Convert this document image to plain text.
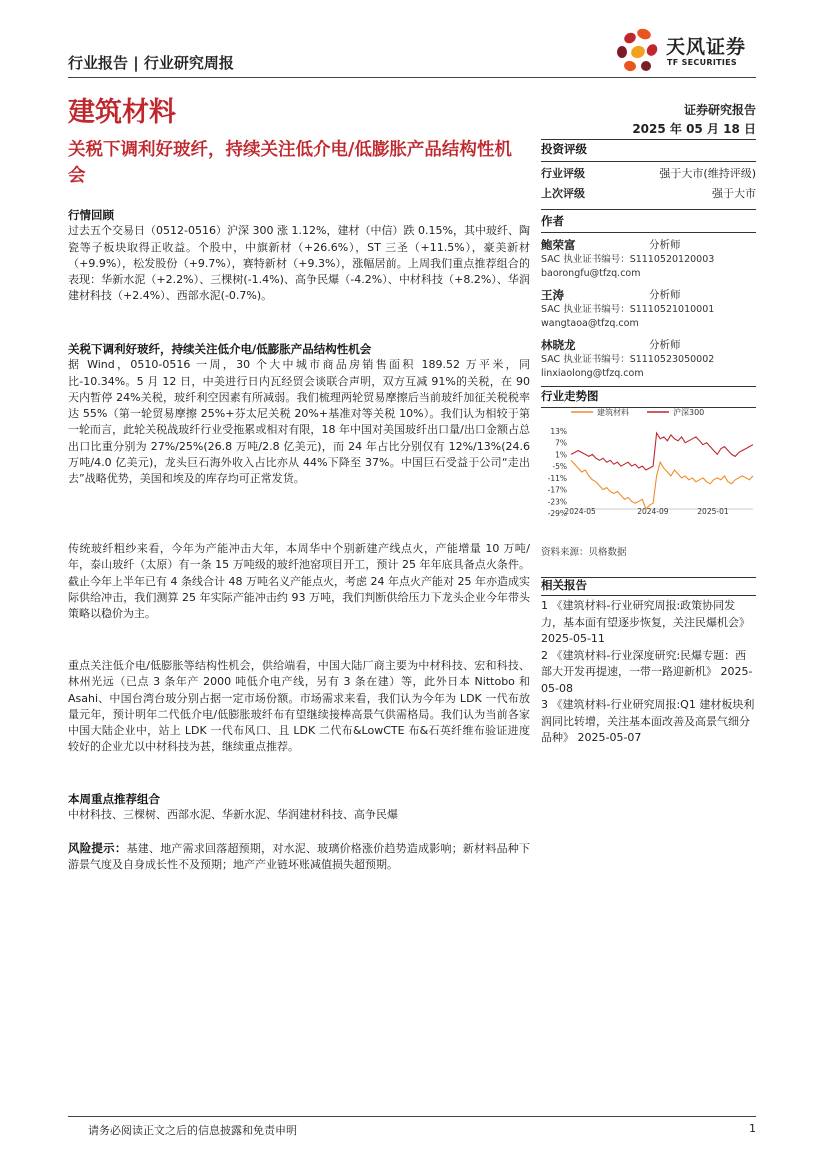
行业报告 | 行业研究周报
建筑材料
天风证券
TF SECURITIES
证券研究报告
2025 年 05 月 18 日
关税下调利好玻纤，持续关注低介电/低膨胀产品结构性机会
行情回顾
过去五个交易日（0512-0516）沪深 300 涨 1.12%，建材（中信）跌 0.15%，其中玻纤、陶瓷等子板块取得正收益。个股中，中旗新材（+26.6%），ST 三圣（+11.5%），豪美新材（+9.9%），松发股份（+9.7%），赛特新材（+9.3%），涨幅居前。上周我们重点推荐组合的表现：华新水泥（+2.2%）、三棵树(-1.4%)、高争民爆（-4.2%）、中材科技（+8.2%）、华润建材科技（+2.4%）、西部水泥(-0.7%)。
关税下调利好玻纤，持续关注低介电/低膨胀产品结构性机会
据 Wind，0510-0516 一周，30 个大中城市商品房销售面积 189.52 万平米，同比-10.34%。5 月 12 日，中美进行日内瓦经贸会谈联合声明，双方互减 91%的关税，在 90 天内暂停 24%关税，玻纤利空因素有所减弱。我们梳理两轮贸易摩擦后当前玻纤加征关税税率达 55%（第一轮贸易摩擦 25%+芬太尼关税 20%+基准对等关税 10%）。我们认为相较于第一轮而言，此轮关税战玻纤行业受拖累或相对有限，18 年中国对美国玻纤出口量/出口金额占总出口比重分别为 27%/25%(26.8 万吨/2.8 亿美元)，而 24 年占比分别仅有 12%/13%(24.6 万吨/4.0 亿美元)，龙头巨石海外收入占比亦从 44%下降至 37%。中国巨石受益于公司“走出去”战略优势，美国和埃及的库存均可正常发货。
传统玻纤粗纱来看，今年为产能冲击大年，本周华中个别新建产线点火，产能增量 10 万吨/年，泰山玻纤（太原）有一条 15 万吨级的玻纤池窑项目开工，预计 25 年年底具备点火条件。截止今年上半年已有 4 条线合计 48 万吨名义产能点火，考虑 24 年点火产能对 25 年亦造成实际供给冲击，我们测算 25 年实际产能冲击约 93 万吨，我们判断供给压力下龙头企业今年带头策略以稳价为主。
重点关注低介电/低膨胀等结构性机会，供给端看，中国大陆厂商主要为中材科技、宏和科技、林州光远（已点 3 条年产 2000 吨低介电产线，另有 3 条在建）等，此外日本 Nittobo 和 Asahi、中国台湾台玻分别占据一定市场份额。市场需求来看，我们认为今年为 LDK 一代布放量元年，预计明年二代低介电/低膨胀玻纤布有望继续接棒高景气供需格局。我们认为当前各家中国大陆企业中，站上 LDK 一代布风口、且 LDK 二代布&LowCTE 布&石英纤维布验证进度较好的企业尤以中材科技为甚，继续重点推荐。
本周重点推荐组合
中材科技、三棵树、西部水泥、华新水泥、华润建材科技、高争民爆
风险提示：基建、地产需求回落超预期，对水泥、玻璃价格涨价趋势造成影响；新材料品种下游景气度及自身成长性不及预期；地产产业链坏账减值损失超预期。
投资评级
行业评级	强于大市(维持评级)
上次评级	强于大市
作者
鲍荣富	分析师
SAC 执业证书编号：S1110520120003
baorongfu@tfzq.com
王涛	分析师
SAC 执业证书编号：S1110521010001
wangtaoa@tfzq.com
林晓龙	分析师
SAC 执业证书编号：S1110523050002
linxiaolong@tfzq.com
行业走势图
建筑材料	沪深300
13%
7%
1%
-5%
-11%
-17%
-23%
-29%
2024-05	2024-09	2025-01
资料来源：贝格数据
相关报告
1 《建筑材料-行业研究周报:政策协同发力，基本面有望逐步恢复，关注民爆机会》 2025-05-11
2 《建筑材料-行业深度研究:民爆专题：西部大开发再提速，一带一路迎新机》 2025-05-08
3 《建筑材料-行业研究周报:Q1 建材板块利润同比转增，关注基本面改善及高景气细分品种》 2025-05-07
请务必阅读正文之后的信息披露和免责申明	1
